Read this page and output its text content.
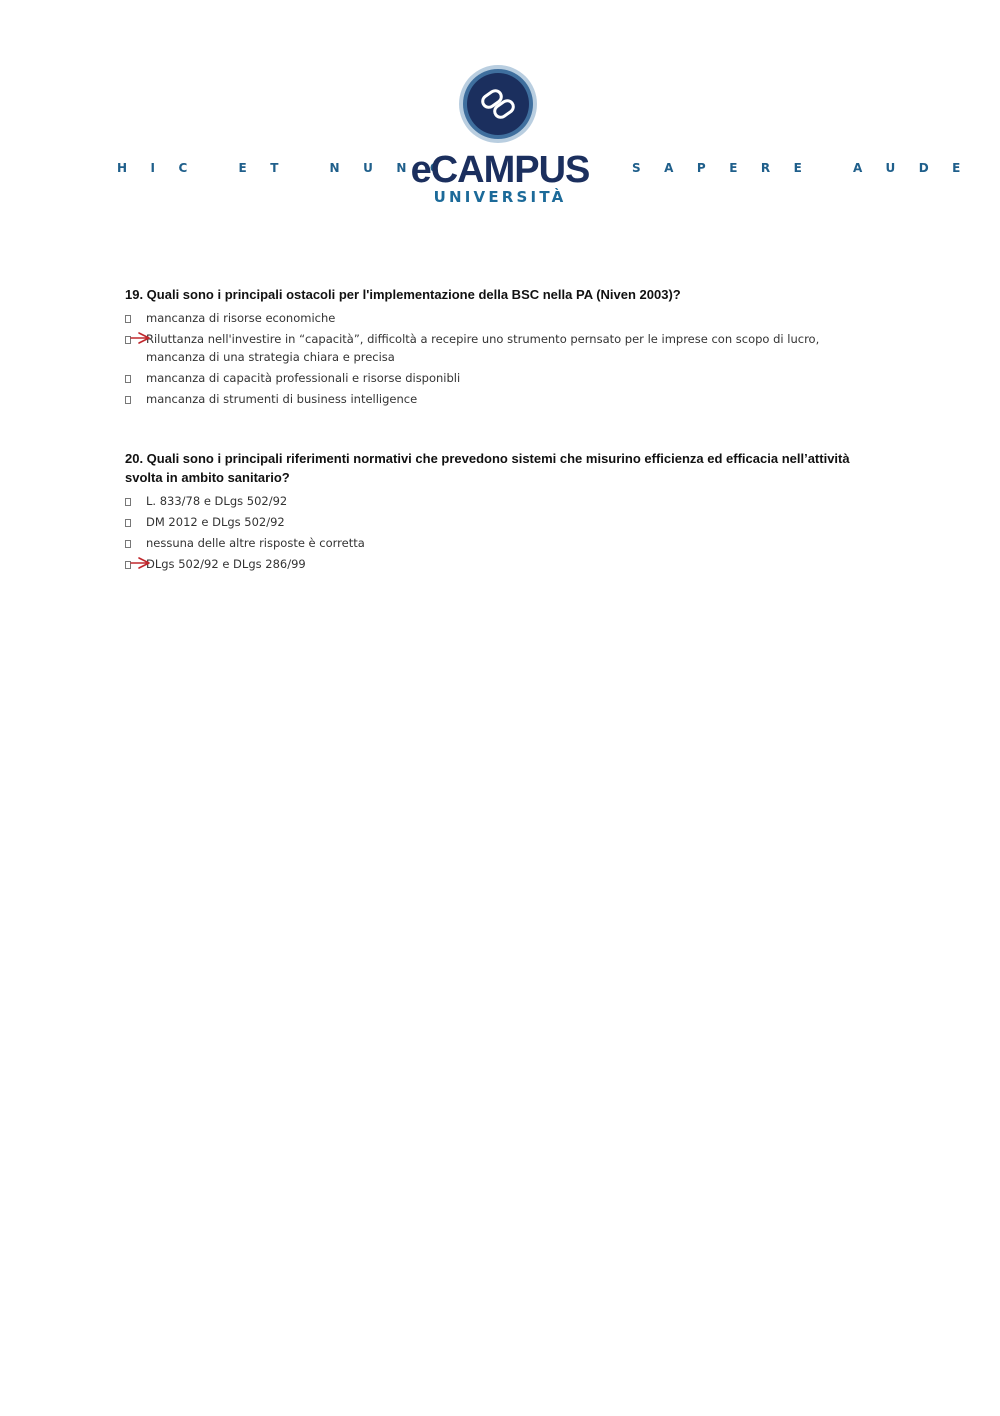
HIC ET NUNC
eCAMPUS
UNIVERSITÀ
SAPERE AUDE
19. Quali sono i principali ostacoli per l'implementazione della BSC nella PA (Niven 2003)?
mancanza di risorse economiche
Riluttanza nell'investire in “capacità”, difficoltà a recepire uno strumento pernsato per le imprese con scopo di lucro, mancanza di una strategia chiara e precisa
mancanza di capacità professionali e risorse disponibli
mancanza di strumenti di business intelligence
20. Quali sono i principali riferimenti normativi che prevedono sistemi che misurino efficienza ed efficacia nell’attività svolta in ambito sanitario?
L. 833/78 e DLgs 502/92
DM 2012 e DLgs 502/92
nessuna delle altre risposte è corretta
DLgs 502/92 e DLgs 286/99
